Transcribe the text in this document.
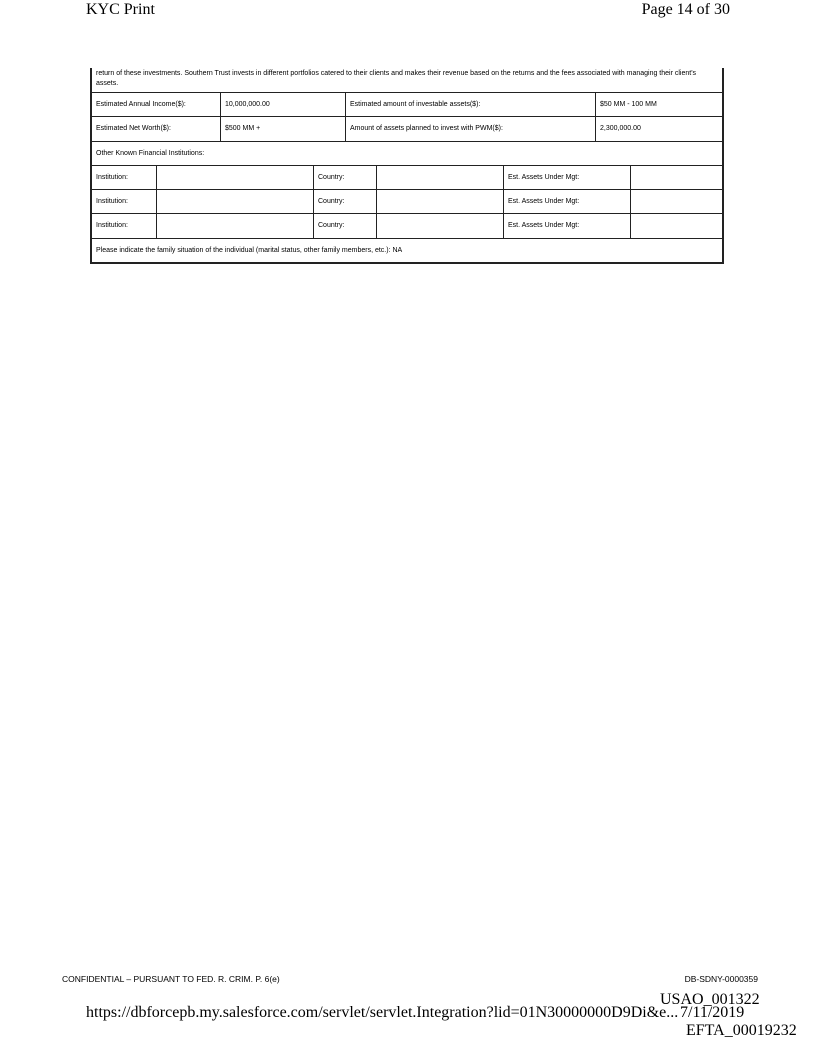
KYC Print	Page 14 of 30
return of these investments. Southern Trust invests in different portfolios catered to their clients and makes their revenue based on the returns and the fees associated with managing their client's assets.
Estimated Annual Income($):	10,000,000.00	Estimated amount of investable assets($):	$50 MM - 100 MM
Estimated Net Worth($):	$500 MM +	Amount of assets planned to invest with PWM($):	2,300,000.00
Other Known Financial Institutions:
Institution:	Country:	Est. Assets Under Mgt:
Institution:	Country:	Est. Assets Under Mgt:
Institution:	Country:	Est. Assets Under Mgt:
Please indicate the family situation of the individual (marital status, other family members, etc.): NA
CONFIDENTIAL – PURSUANT TO FED. R. CRIM. P. 6(e)	DB-SDNY-0000359
USAO_001322
https://dbforcepb.my.salesforce.com/servlet/servlet.Integration?lid=01N30000000D9Di&e... 7/11/2019
EFTA_00019232
